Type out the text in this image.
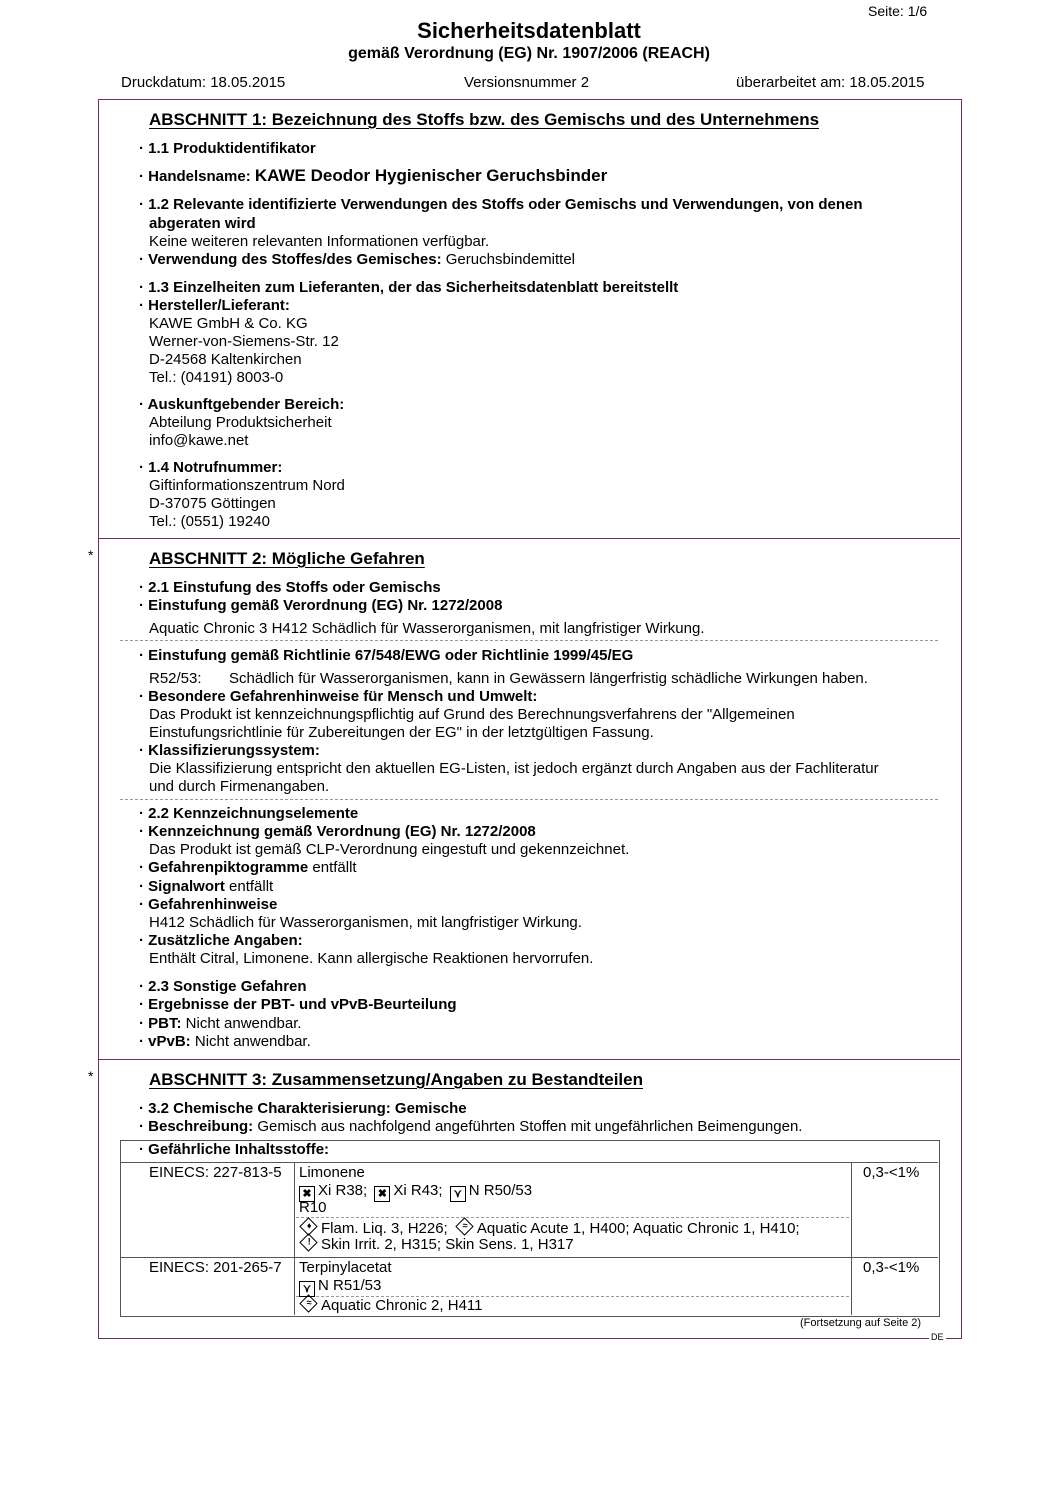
Seite: 1/6
Sicherheitsdatenblatt
gemäß Verordnung (EG) Nr. 1907/2006 (REACH)
Druckdatum: 18.05.2015	Versionsnummer 2	überarbeitet am: 18.05.2015
ABSCHNITT 1: Bezeichnung des Stoffs bzw. des Gemischs und des Unternehmens
· 1.1 Produktidentifikator
· Handelsname: KAWE Deodor Hygienischer Geruchsbinder
· 1.2 Relevante identifizierte Verwendungen des Stoffs oder Gemischs und Verwendungen, von denen
abgeraten wird
Keine weiteren relevanten Informationen verfügbar.
· Verwendung des Stoffes/des Gemisches: Geruchsbindemittel
· 1.3 Einzelheiten zum Lieferanten, der das Sicherheitsdatenblatt bereitstellt
· Hersteller/Lieferant:
KAWE GmbH & Co. KG
Werner-von-Siemens-Str. 12
D-24568 Kaltenkirchen
Tel.: (04191) 8003-0
· Auskunftgebender Bereich:
Abteilung Produktsicherheit
info@kawe.net
· 1.4 Notrufnummer:
Giftinformationszentrum Nord
D-37075 Göttingen
Tel.: (0551) 19240
*	ABSCHNITT 2: Mögliche Gefahren
· 2.1 Einstufung des Stoffs oder Gemischs
· Einstufung gemäß Verordnung (EG) Nr. 1272/2008
Aquatic Chronic 3 H412 Schädlich für Wasserorganismen, mit langfristiger Wirkung.
· Einstufung gemäß Richtlinie 67/548/EWG oder Richtlinie 1999/45/EG
R52/53: Schädlich für Wasserorganismen, kann in Gewässern längerfristig schädliche Wirkungen haben.
· Besondere Gefahrenhinweise für Mensch und Umwelt:
Das Produkt ist kennzeichnungspflichtig auf Grund des Berechnungsverfahrens der "Allgemeinen
Einstufungsrichtlinie für Zubereitungen der EG" in der letztgültigen Fassung.
· Klassifizierungssystem:
Die Klassifizierung entspricht den aktuellen EG-Listen, ist jedoch ergänzt durch Angaben aus der Fachliteratur
und durch Firmenangaben.
· 2.2 Kennzeichnungselemente
· Kennzeichnung gemäß Verordnung (EG) Nr. 1272/2008
Das Produkt ist gemäß CLP-Verordnung eingestuft und gekennzeichnet.
· Gefahrenpiktogramme entfällt
· Signalwort entfällt
· Gefahrenhinweise
H412 Schädlich für Wasserorganismen, mit langfristiger Wirkung.
· Zusätzliche Angaben:
Enthält Citral, Limonene. Kann allergische Reaktionen hervorrufen.
· 2.3 Sonstige Gefahren
· Ergebnisse der PBT- und vPvB-Beurteilung
· PBT: Nicht anwendbar.
· vPvB: Nicht anwendbar.
*	ABSCHNITT 3: Zusammensetzung/Angaben zu Bestandteilen
· 3.2 Chemische Charakterisierung: Gemische
· Beschreibung: Gemisch aus nachfolgend angeführten Stoffen mit ungefährlichen Beimengungen.
· Gefährliche Inhaltsstoffe:
EINECS: 227-813-5 Limonene
✖ Xi R38; ✖ Xi R43; ⋎ N R50/53
R10
♦ Flam. Liq. 3, H226;	≈ Aquatic Acute 1, H400; Aquatic Chronic 1, H410;
! Skin Irrit. 2, H315; Skin Sens. 1, H317
0,3-<1%
EINECS: 201-265-7 Terpinylacetat
⋎ N R51/53
≈ Aquatic Chronic 2, H411
0,3-<1%
(Fortsetzung auf Seite 2)
DE
